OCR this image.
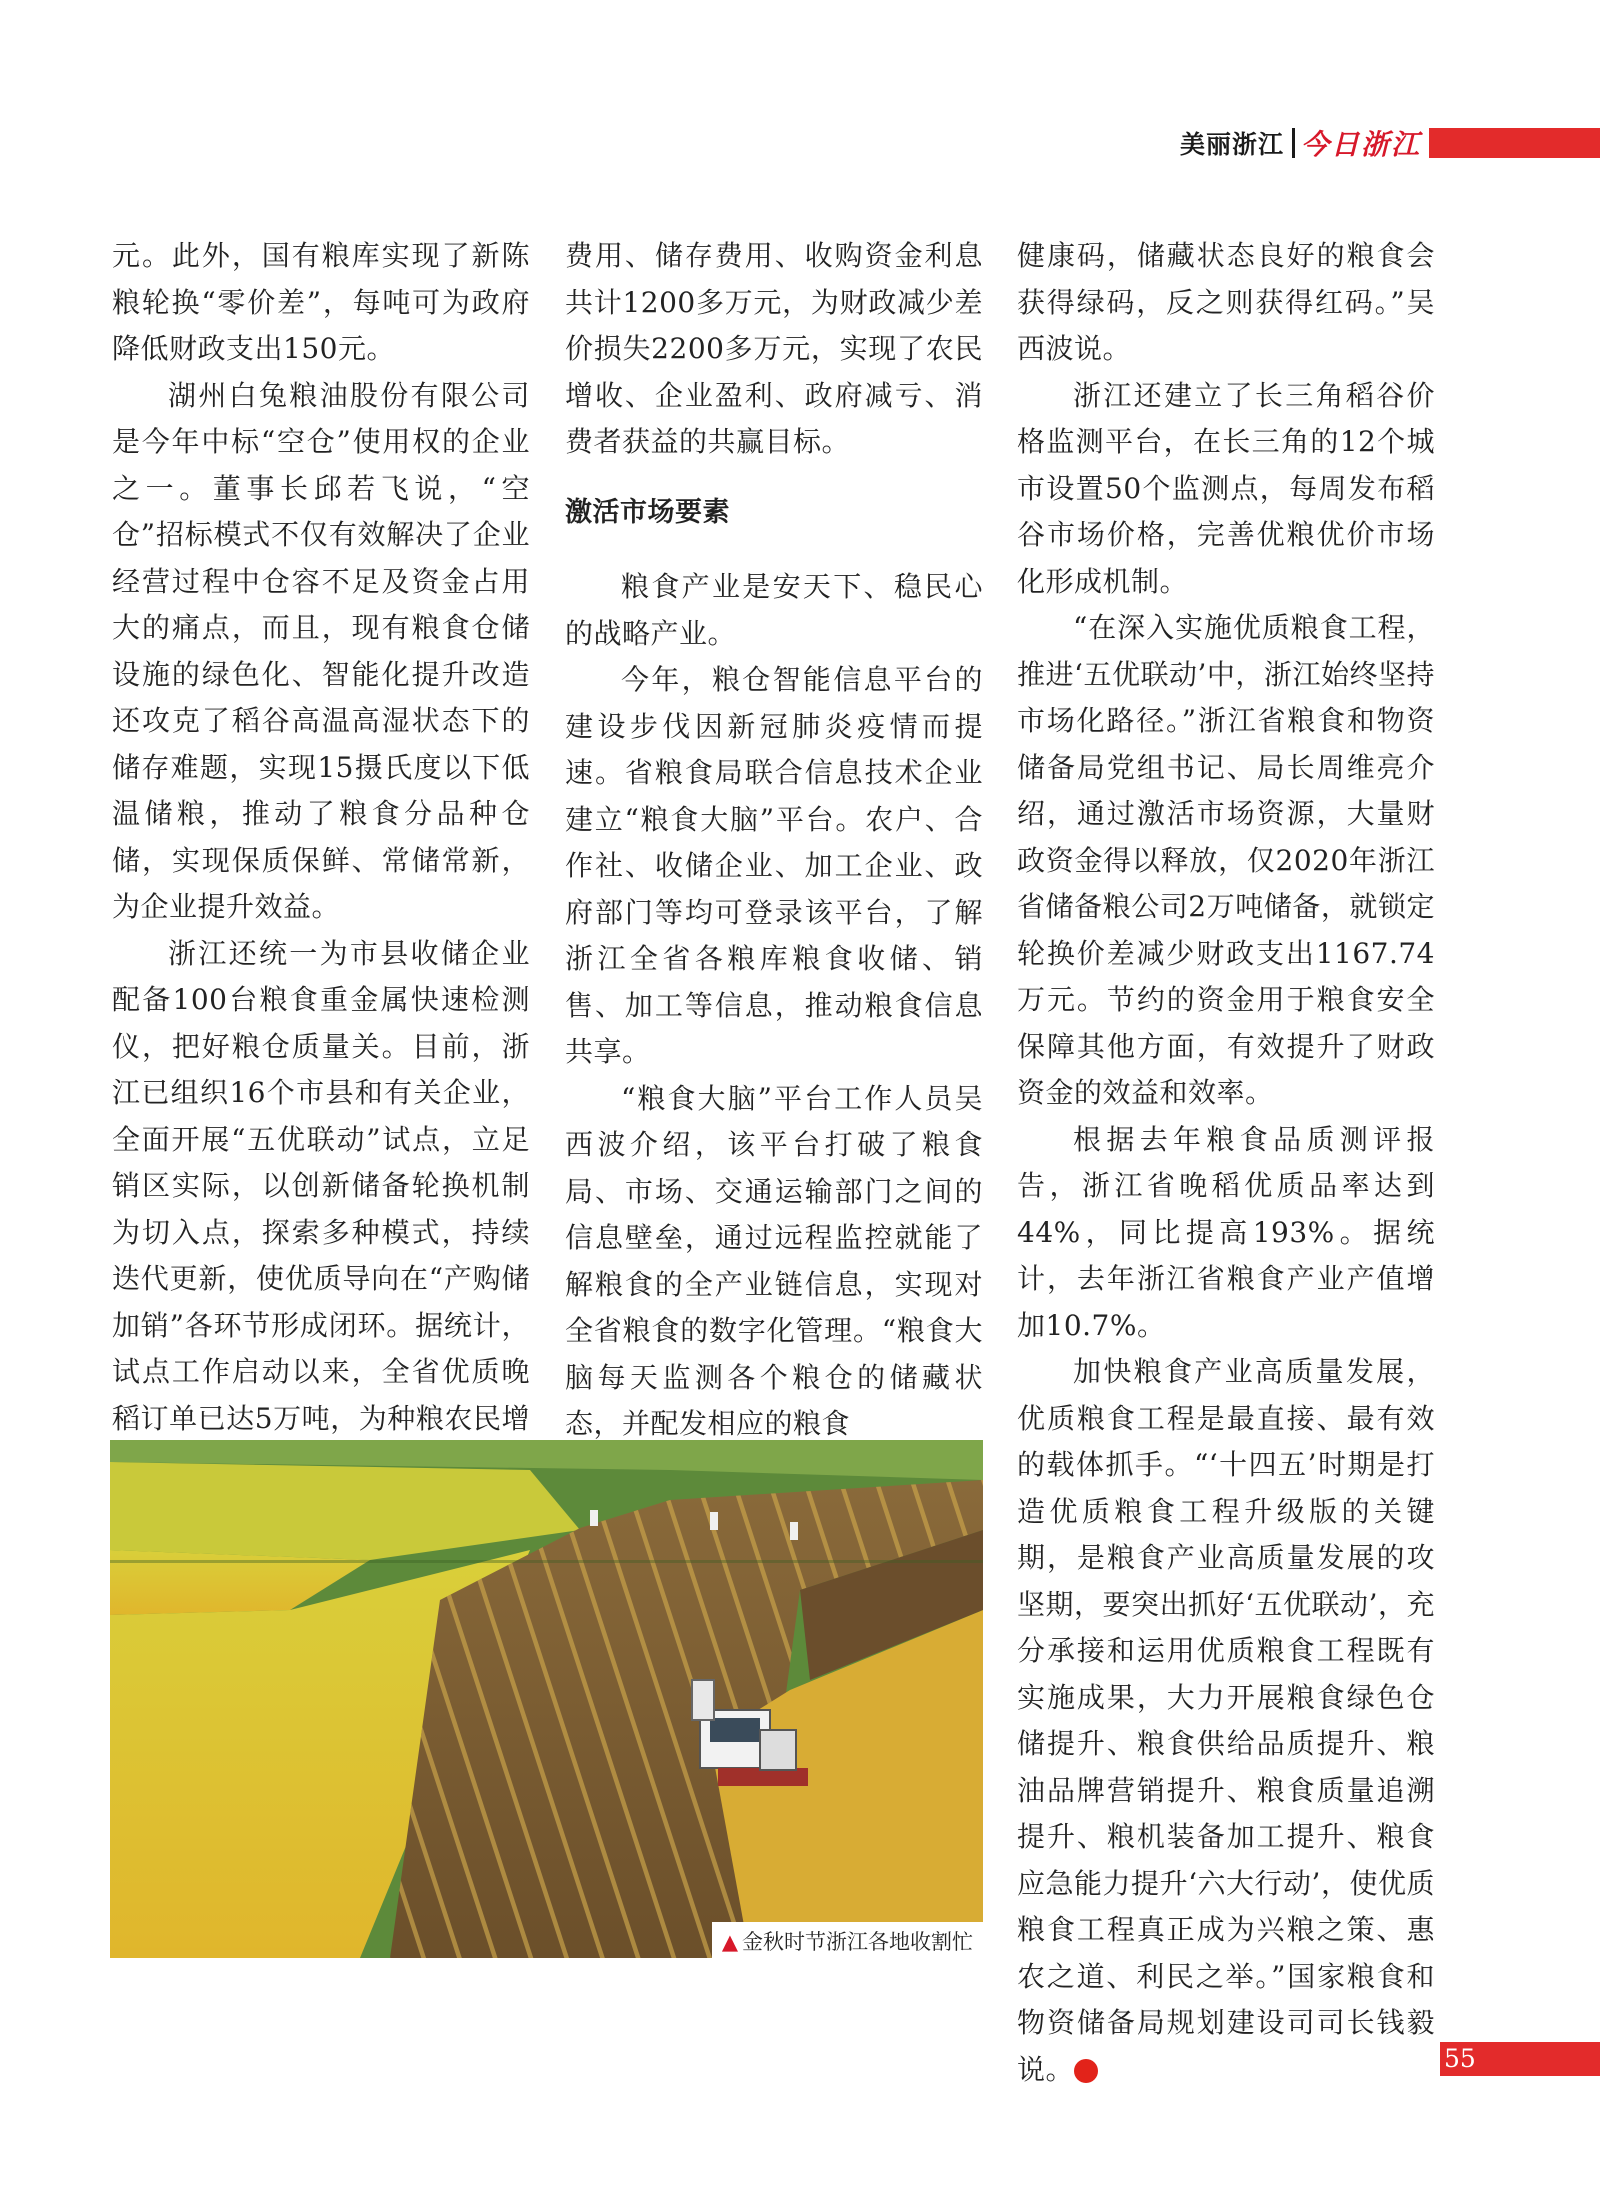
美丽浙江 今日浙江

元。此外，国有粮库实现了新陈粮轮换“零价差”，每吨可为政府降低财政支出150元。

湖州白兔粮油股份有限公司是今年中标“空仓”使用权的企业之一。董事长邱若飞说，“空仓”招标模式不仅有效解决了企业经营过程中仓容不足及资金占用大的痛点，而且，现有粮食仓储设施的绿色化、智能化提升改造还攻克了稻谷高温高湿状态下的储存难题，实现15摄氏度以下低温储粮，推动了粮食分品种仓储，实现保质保鲜、常储常新，为企业提升效益。

浙江还统一为市县收储企业配备100台粮食重金属快速检测仪，把好粮仓质量关。目前，浙江已组织16个市县和有关企业，全面开展“五优联动”试点，立足销区实际，以创新储备轮换机制为切入点，探索多种模式，持续迭代更新，使优质导向在“产购储加销”各环节形成闭环。据统计，试点工作启动以来，全省优质晚稻订单已达5万吨，为种粮农民增

费用、储存费用、收购资金利息共计1200多万元，为财政减少差价损失2200多万元，实现了农民增收、企业盈利、政府减亏、消费者获益的共赢目标。

激活市场要素

粮食产业是安天下、稳民心的战略产业。

今年，粮仓智能信息平台的建设步伐因新冠肺炎疫情而提速。省粮食局联合信息技术企业建立“粮食大脑”平台。农户、合作社、收储企业、加工企业、政府部门等均可登录该平台，了解浙江全省各粮库粮食收储、销售、加工等信息，推动粮食信息共享。

“粮食大脑”平台工作人员吴西波介绍，该平台打破了粮食局、市场、交通运输部门之间的信息壁垒，通过远程监控就能了解粮食的全产业链信息，实现对全省粮食的数字化管理。“粮食大脑每天监测各个粮仓的储藏状态，并配发相应的粮食

健康码，储藏状态良好的粮食会获得绿码，反之则获得红码。”吴西波说。

浙江还建立了长三角稻谷价格监测平台，在长三角的12个城市设置50个监测点，每周发布稻谷市场价格，完善优粮优价市场化形成机制。

“在深入实施优质粮食工程，推进‘五优联动’中，浙江始终坚持市场化路径。”浙江省粮食和物资储备局党组书记、局长周维亮介绍，通过激活市场资源，大量财政资金得以释放，仅2020年浙江省储备粮公司2万吨储备，就锁定轮换价差减少财政支出1167.74万元。节约的资金用于粮食安全保障其他方面，有效提升了财政资金的效益和效率。

根据去年粮食品质测评报告，浙江省晚稻优质品率达到44%，同比提高193%。据统计，去年浙江省粮食产业产值增加10.7%。

加快粮食产业高质量发展，优质粮食工程是最直接、最有效的载体抓手。“‘十四五’时期是打造优质粮食工程升级版的关键期，是粮食产业高质量发展的攻坚期，要突出抓好‘五优联动’，充分承接和运用优质粮食工程既有实施成果，大力开展粮食绿色仓储提升、粮食供给品质提升、粮油品牌营销提升、粮食质量追溯提升、粮机装备加工提升、粮食应急能力提升‘六大行动’，使优质粮食工程真正成为兴粮之策、惠农之道、利民之举。”国家粮食和物资储备局规划建设司司长钱毅说。	今

▲ 金秋时节浙江各地收割忙
55
